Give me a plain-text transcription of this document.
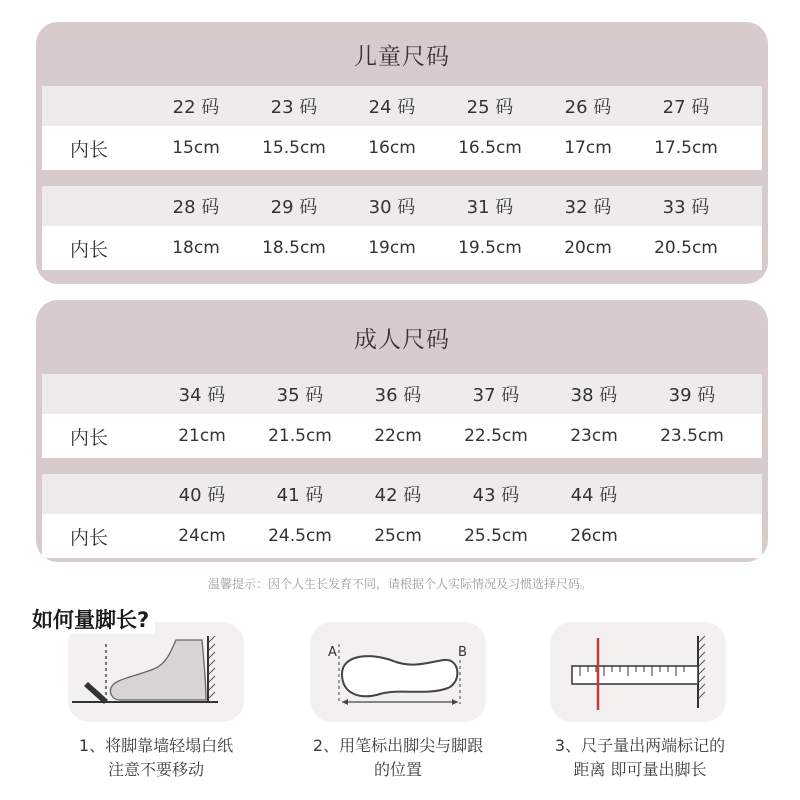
儿童尺码
22 码	23 码	24 码	25 码	26 码	27 码
内长	15cm	15.5cm	16cm	16.5cm	17cm	17.5cm
28 码	29 码	30 码	31 码	32 码	33 码
内长	18cm	18.5cm	19cm	19.5cm	20cm	20.5cm
成人尺码
34 码	35 码	36 码	37 码	38 码	39 码
内长	21cm	21.5cm	22cm	22.5cm	23cm	23.5cm
40 码	41 码	42 码	43 码	44 码
内长	24cm	24.5cm	25cm	25.5cm	26cm
温馨提示：因个人生长发育不同，请根据个人实际情况及习惯选择尺码。
A	B
如何量脚长?
1、将脚靠墙轻塌白纸
注意不要移动
2、用笔标出脚尖与脚跟
的位置
3、尺子量出两端标记的
距离 即可量出脚长
